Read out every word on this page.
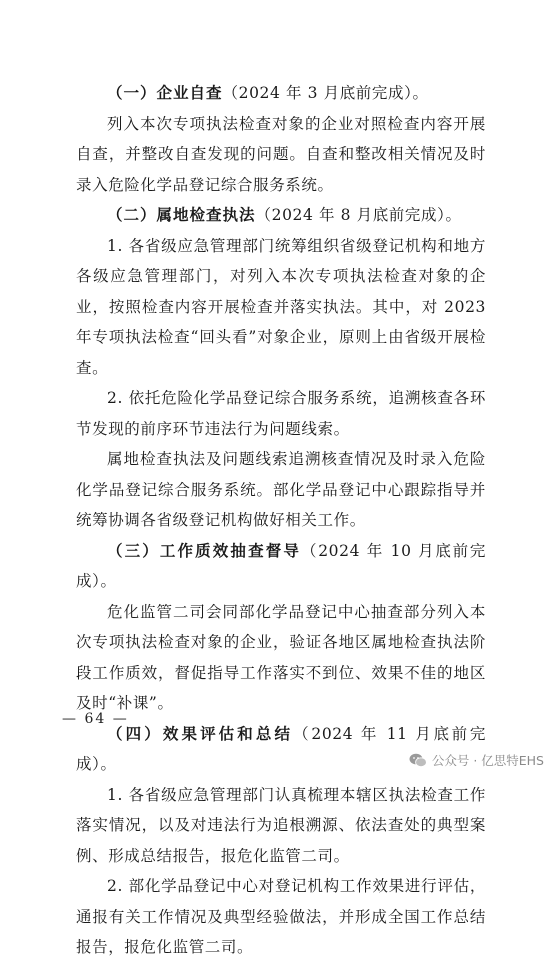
（一）企业自查（2024 年 3 月底前完成）。

列入本次专项执法检查对象的企业对照检查内容开展自查，并整改自查发现的问题。自查和整改相关情况及时录入危险化学品登记综合服务系统。

（二）属地检查执法（2024 年 8 月底前完成）。

1. 各省级应急管理部门统筹组织省级登记机构和地方各级应急管理部门，对列入本次专项执法检查对象的企业，按照检查内容开展检查并落实执法。其中，对 2023 年专项执法检查“回头看”对象企业，原则上由省级开展检查。

2. 依托危险化学品登记综合服务系统，追溯核查各环节发现的前序环节违法行为问题线索。

属地检查执法及问题线索追溯核查情况及时录入危险化学品登记综合服务系统。部化学品登记中心跟踪指导并统筹协调各省级登记机构做好相关工作。

（三）工作质效抽查督导（2024 年 10 月底前完成）。

危化监管二司会同部化学品登记中心抽查部分列入本次专项执法检查对象的企业，验证各地区属地检查执法阶段工作质效，督促指导工作落实不到位、效果不佳的地区及时“补课”。

（四）效果评估和总结（2024 年 11 月底前完成）。

1. 各省级应急管理部门认真梳理本辖区执法检查工作落实情况，以及对违法行为追根溯源、依法查处的典型案例、形成总结报告，报危化监管二司。

2. 部化学品登记中心对登记机构工作效果进行评估，通报有关工作情况及典型经验做法，并形成全国工作总结报告，报危化监管二司。

— 64 —
公众号 · 亿思特EHS
